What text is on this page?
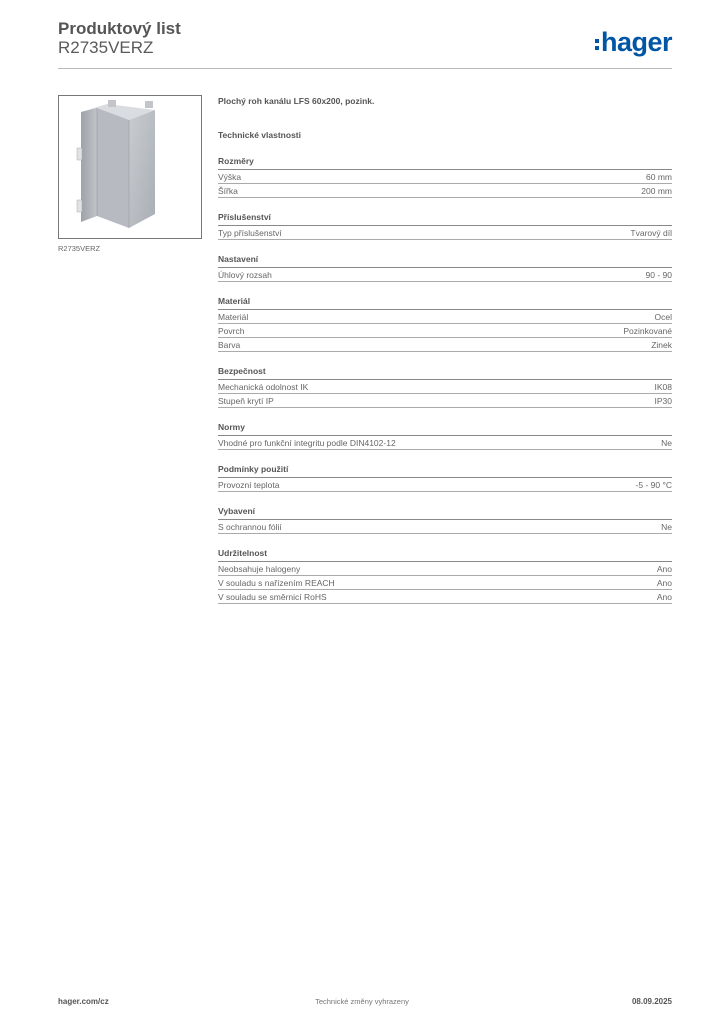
Produktový list
R2735VERZ	hager
R2735VERZ
Plochý roh kanálu LFS 60x200, pozink.
Technické vlastnosti
Rozměry
Výška	60 mm
Šířka	200 mm
Příslušenství
Typ příslušenství	Tvarový díl
Nastavení
Úhlový rozsah	90 - 90
Materiál
Materiál	Ocel
Povrch	Pozinkované
Barva	Zinek
Bezpečnost
Mechanická odolnost IK	IK08
Stupeň krytí IP	IP30
Normy
Vhodné pro funkční integritu podle DIN4102-12	Ne
Podmínky použití
Provozní teplota	-5 - 90 °C
Vybavení
S ochrannou fólií	Ne
Udržitelnost
Neobsahuje halogeny	Ano
V souladu s nařízením REACH	Ano
V souladu se směrnicí RoHS	Ano
hager.com/cz	Technické změny vyhrazeny	08.09.2025
